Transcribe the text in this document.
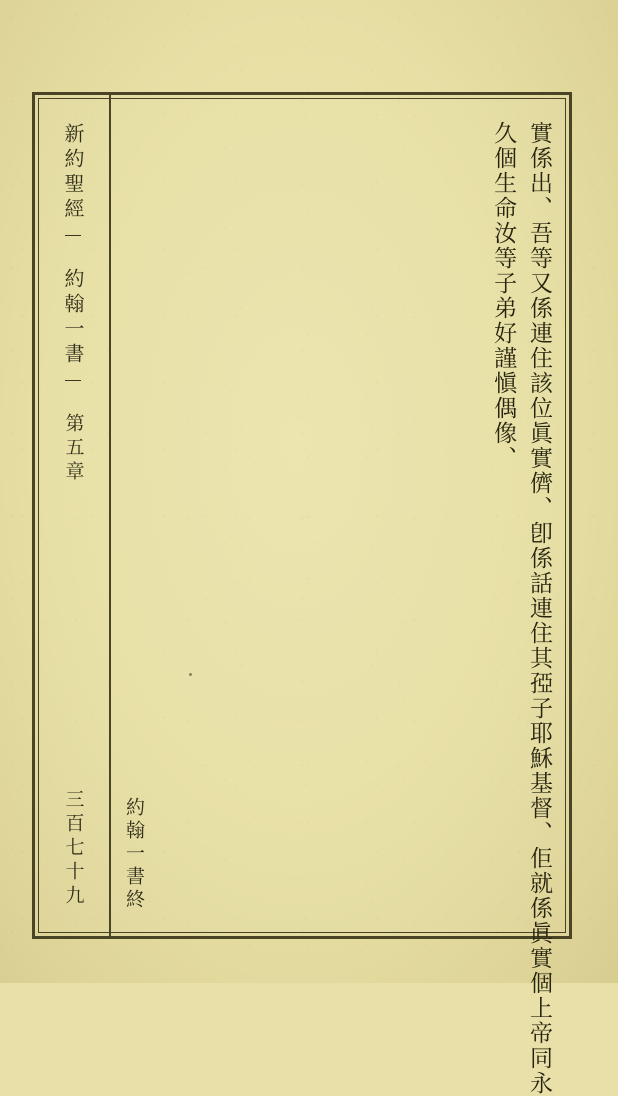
新約聖經
約翰一書
第五章
三百七十九	實係出、吾等又係連住該位眞實儕、卽係話連住其孲子耶穌基督、佢就係眞實個上帝同永
久個生命汝等子弟好謹愼偶像、
約翰一書終
